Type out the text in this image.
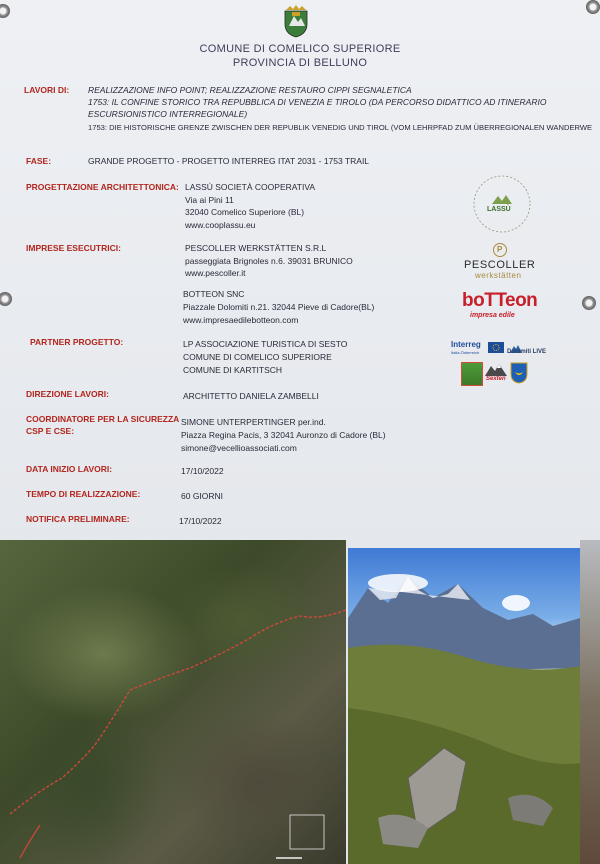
COMUNE DI COMELICO SUPERIORE
PROVINCIA DI BELLUNO
LAVORI DI: REALIZZAZIONE INFO POINT; REALIZZAZIONE RESTAURO CIPPI SEGNALETICA
1753: IL CONFINE STORICO TRA REPUBBLICA DI VENEZIA E TIROLO (DA PERCORSO DIDATTICO AD ITINERARIO
ESCURSIONISTICO INTERREGIONALE)
1753: DIE HISTORISCHE GRENZE ZWISCHEN DER REPUBLIK VENEDIG UND TIROL (VOM LEHRPFAD ZUM ÜBERREGIONALEN WANDERWE
FASE:	GRANDE PROGETTO - PROGETTO INTERREG ITAT 2031 - 1753 TRAIL
PROGETTAZIONE ARCHITETTONICA: LASSÙ SOCIETÀ COOPERATIVA
Via ai Pini 11
32040 Comelico Superiore (BL)
www.cooplassu.eu
IMPRESE ESECUTRICI:	PESCOLLER WERKSTÄTTEN S.R.L
passeggiata Brignoles n.6. 39031 BRUNICO
www.pescoller.it
BOTTEON SNC
Piazzale Dolomiti n.21. 32044 Pieve di Cadore(BL)
www.impresaedilebotteon.com
PARTNER PROGETTO:	LP ASSOCIAZIONE TURISTICA DI SESTO
COMUNE DI COMELICO SUPERIORE
COMUNE DI KARTITSCH
DIREZIONE LAVORI:	ARCHITETTO DANIELA ZAMBELLI
COORDINATORE PER LA SICUREZZA
CSP E CSE:
SIMONE UNTERPERTINGER per.ind.
Piazza Regina Pacis, 3 32041 Auronzo di Cadore (BL)
simone@vecellioassociati.com
DATA INIZIO LAVORI:	17/10/2022
TEMPO DI REALIZZAZIONE:	60 GIORNI
NOTIFICA PRELIMINARE:	17/10/2022
LASSÙ
P
PESCOLLER
werkstätten
boTTeon
impresa edile
Interreg
Italia-Österreich	Dolomiti LIVE
Sexten
